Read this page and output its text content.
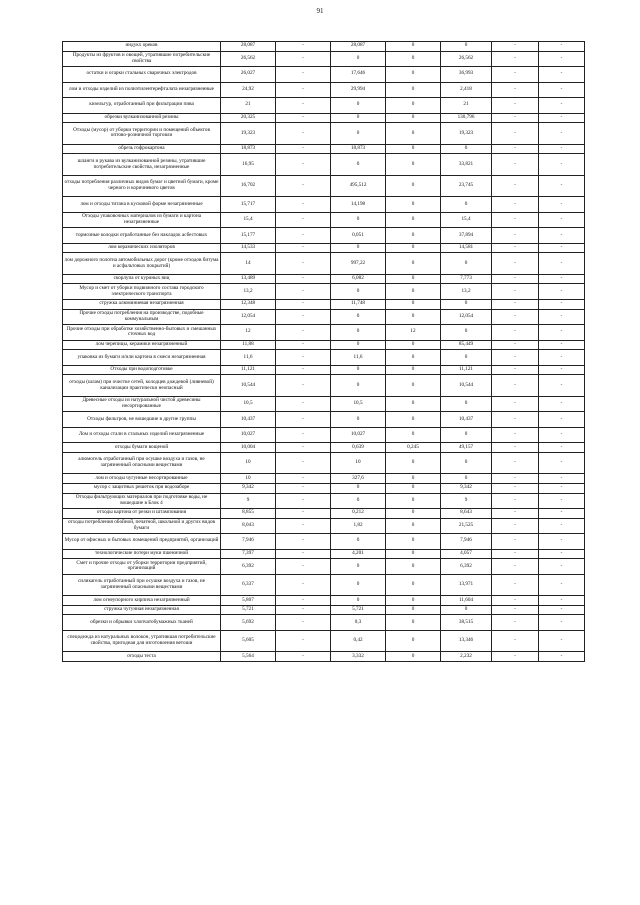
91
индукх ореков	28,087	-	28,087	0	0	-	-
Продукты из фруктов и овощей, утратившие потребительские свойства	26,562	-	0	0	26,562	-	-
остатки и огарки стальных сварочных электродов	26,027	-	17,646	0	36,993	-	-
лом и отходы изделий из полиэтилентерефталата незагрязненные	24,92	-	29,994	0	2,418	-	-
кизельгур, отработанный при фильтрации пива	21	-	0	0	21	-	-
обрезки вулканизованной резины	20,325	-	0	0	130,796	-	-
Отходы (мусор) от уборки территории и помещений объектов оптово-розничной торговли	19,323	-	0	0	19,323	-	-
обрезь гофрокартона	18,873	-	18,873	0	0	-	-
шланги и рукава из вулканизованной резины, утратившие потребительские свойства, незагрязненные	16,95	-	0	0	33,821	-	-
отходы потребления различных видов бумаг и цветной бумаги, кроме черного и коричневого цветов	16,702	-	495,512	0	23,745	-	-
лом и отходы титана в кусковой форме незагрязненные	15,717	-	14,198	0	0	-	-
Отходы упаковочных материалов из бумаги и картона незагрязненные	15,4	-	0	0	15,4	-	-
тормозные колодки отработанные без накладок асбестовых	15,177	-	0,051	0	37,894	-	-
лом керамических изоляторов	14,533	-	0	0	14,581	-	-
лом дорожного полотна автомобильных дорог (кроме отходов битума и асфальтовых покрытий)	14	-	997,22	0	0	-	-
скорлупа от куриных яиц	13,489	-	6,082	0	7,773	-	-
Мусор и смет от уборки подвижного состава городского электрического транспорта	13,2	-	0	0	13,2	-	-
стружка алюминиевая незагрязненная	12,348	-	11,748	0	0	-	-
Прочие отходы потребления на производстве, подобные коммунальным	12,054	-	0	0	12,054	-	-
Прочие отходы при обработке хозяйственно-бытовых и смешанных сточных вод	12	-	0	12	0	-	-
лом черепицы, керамики незагрязненный	11,88	-	0	0	85,449	-	-
упаковка из бумаги и/или картона в смеси незагрязненная	11,6	-	11,6	0	0	-	-
Отходы при водоподготовке	11,121	-	0	0	11,121	-	-
отходы (шлам) при очистке сетей, колодцев дождевой (ливневой) канализации практически неопасный	10,544	-	0	0	10,544	-	-
Древесные отходы из натуральной чистой древесины несортированные	10,5	-	10,5	0	0	-	-
Отходы фильтров, не вошедшие в другие группы	10,437	-	0	0	10,437	-	-
Лом и отходы стали в стальных изделий незагрязненные	10,027	-	10,027	0	0	-	-
отходы бумаги вощеной	10,004	-	0,639	0,245	49,157	-	-
алюмогель отработанный при осушке воздуха и газов, не загрязненный опасными веществами	10	-	10	0	0	-	-
лом и отходы чугунные несортированные	10	-	327,6	0	0	-	-
мусор с защитных решеток при водозаборе	9,342	-	0	0	9,342	-	-
Отходы фильтрующих материалов при подготовке воды, не вошедшие в Блок 4	9	-	0	0	9	-	-
отходы картона от резки и штампования	8,855	-	0,212	0	8,643	-	-
отходы потребления обойной, печатной, школьной и других видов бумаги	8,043	-	1,82	0	21,525	-	-
Мусор от офисных и бытовых помещений предприятий, организаций	7,946	-	0	0	7,946	-	-
технологические потери муки пшеничной	7,397	-	4,201	0	4,057	-	-
Смет и прочие отходы от уборки территории предприятий, организаций	6,392	-	0	0	6,392	-	-
силикагель отработанный при осушке воздуха и газов, не загрязненный опасными веществами	6,337	-	0	0	13,971	-	-
лом огнеупорного кирпича незагрязненный	5,807	-	0	0	11,604	-	-
стружка чугунная незагрязненная	5,721	-	5,721	0	0	-	-
обрезки и обрывки хлопчатобумажных тканей	5,692	-	0,3	0	38,515	-	-
спецодежда из натуральных волокон, утратившая потребительские свойства, пригодная для изготовления ветоши	5,605	-	0,42	0	13,346	-	-
отходы теста	5,564	-	3,332	0	2,232	-	-
